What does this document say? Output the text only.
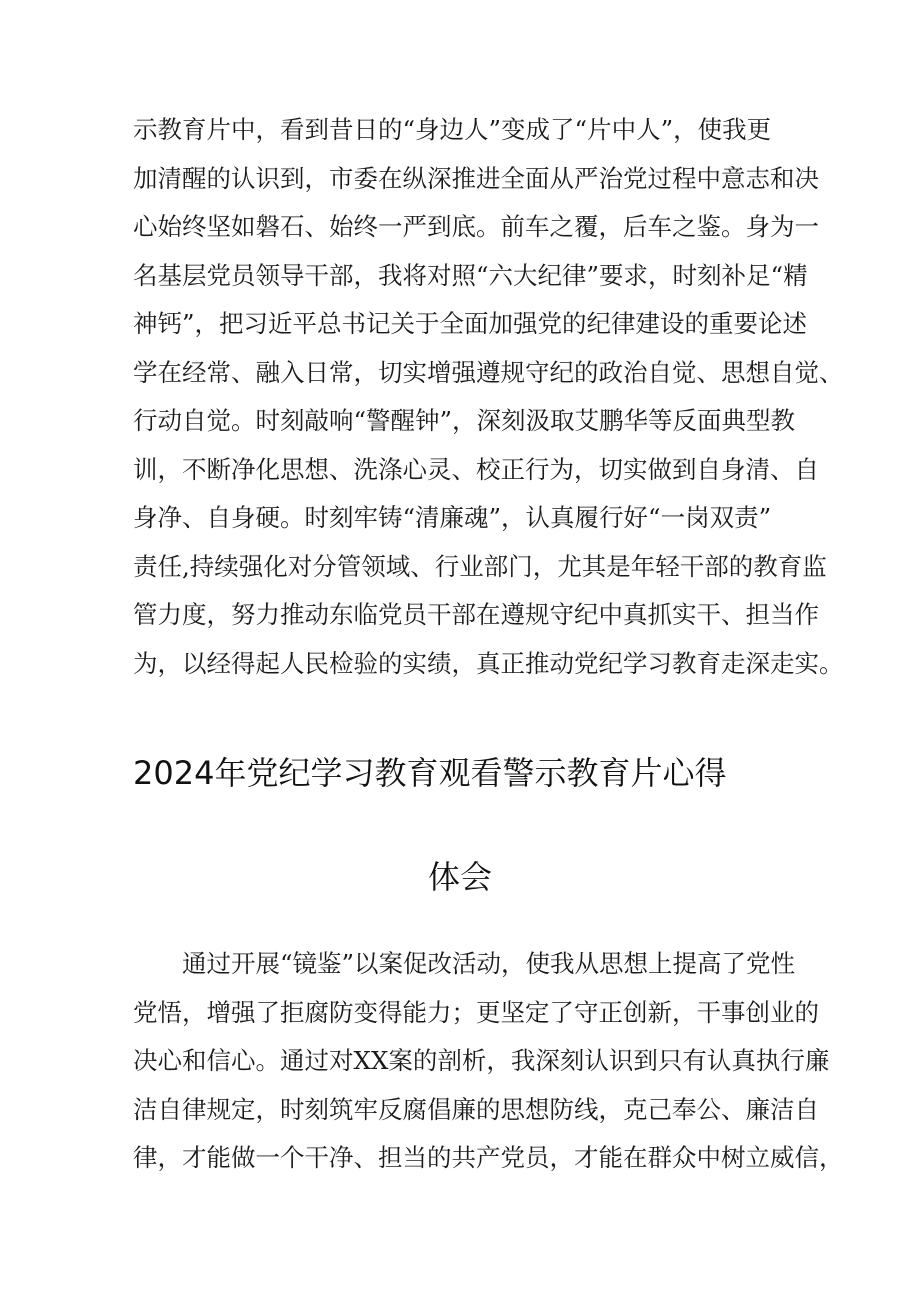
示教育片中，看到昔日的“身边人”变成了“片中人”，使我更
加清醒的认识到，市委在纵深推进全面从严治党过程中意志和决
心始终坚如磐石、始终一严到底。前车之覆，后车之鉴。身为一
名基层党员领导干部，我将对照“六大纪律”要求，时刻补足“精
神钙”，把习近平总书记关于全面加强党的纪律建设的重要论述
学在经常、融入日常，切实增强遵规守纪的政治自觉、思想自觉、
行动自觉。时刻敲响“警醒钟”，深刻汲取艾鹏华等反面典型教
训，不断净化思想、洗涤心灵、校正行为，切实做到自身清、自
身净、自身硬。时刻牢铸“清廉魂”，认真履行好“一岗双责”
责任,持续强化对分管领域、行业部门，尤其是年轻干部的教育监
管力度，努力推动东临党员干部在遵规守纪中真抓实干、担当作
为，以经得起人民检验的实绩，真正推动党纪学习教育走深走实。
2024年党纪学习教育观看警示教育片心得
体会
通过开展“镜鉴”以案促改活动，使我从思想上提高了党性
党悟，增强了拒腐防变得能力；更坚定了守正创新，干事创业的
决心和信心。通过对XX案的剖析，我深刻认识到只有认真执行廉
洁自律规定，时刻筑牢反腐倡廉的思想防线，克己奉公、廉洁自
律，才能做一个干净、担当的共产党员，才能在群众中树立威信，
